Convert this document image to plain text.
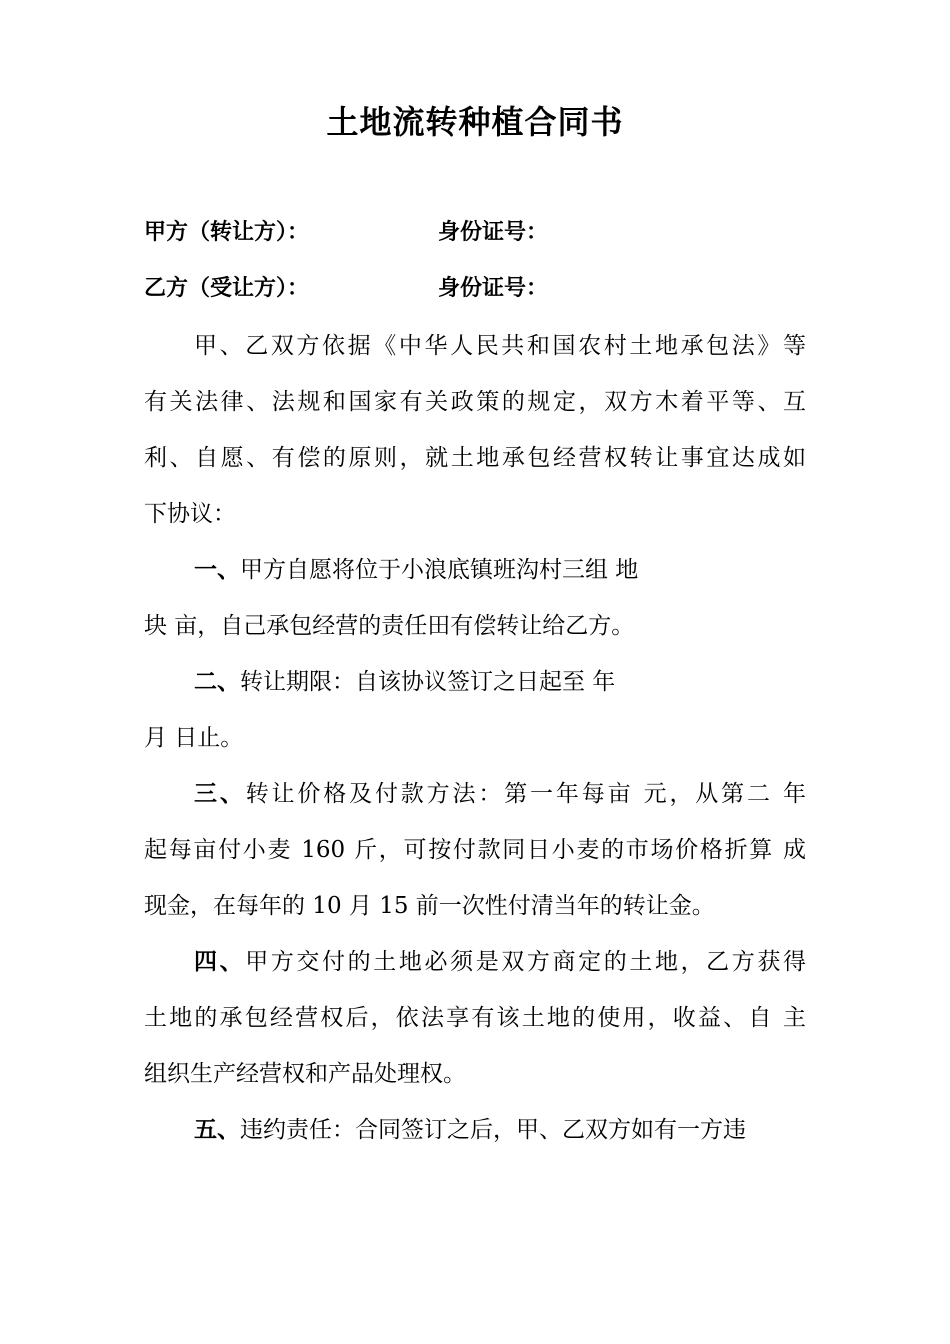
土地流转种植合同书
甲方（转让方）：	身份证号：
乙方（受让方）：	身份证号：
甲、乙双方依据《中华人民共和国农村土地承包法》等
有关法律、法规和国家有关政策的规定，双方木着平等、互
利、自愿、有偿的原则，就土地承包经营权转让事宜达成如
下协议：
一、甲方自愿将位于小浪底镇班沟村三组 地
块 亩，自己承包经营的责任田有偿转让给乙方。
二、转让期限：自该协议签订之日起至 年
月 日止。
三、转让价格及付款方法：第一年每亩 元，从第二 年
起每亩付小麦 160 斤，可按付款同日小麦的市场价格折算 成
现金，在每年的 10 月 15 前一次性付清当年的转让金。
四、甲方交付的土地必须是双方商定的土地，乙方获得
土地的承包经营权后，依法享有该土地的使用，收益、自 主
组织生产经营权和产品处理权。
五、违约责任：合同签订之后，甲、乙双方如有一方违
